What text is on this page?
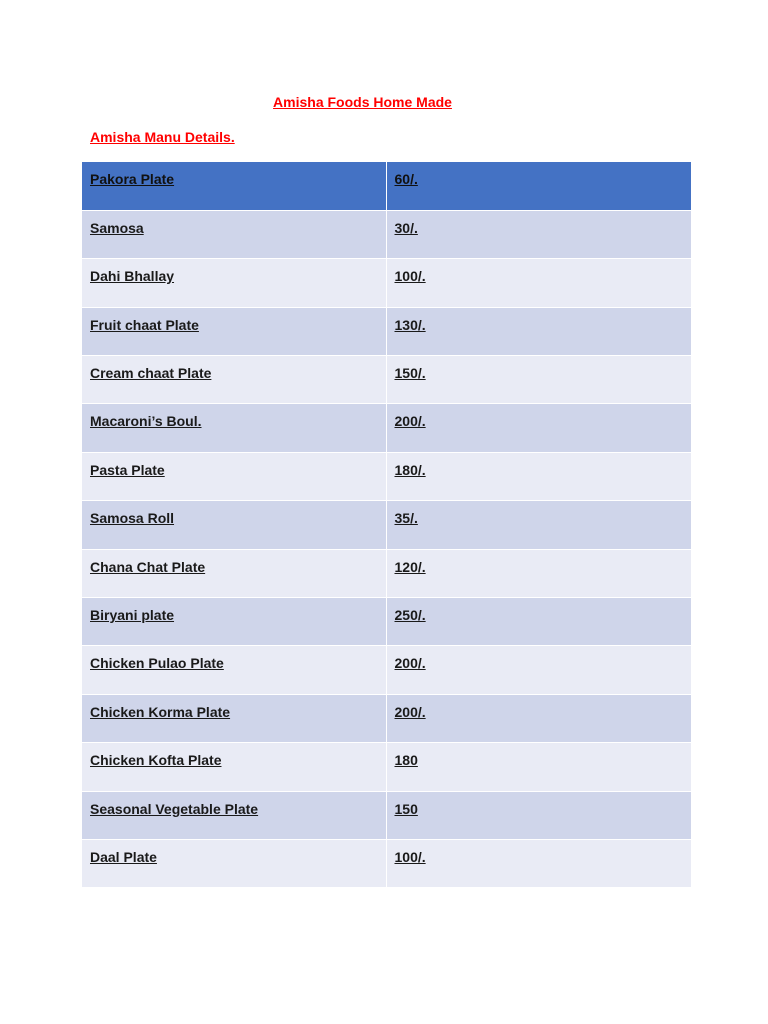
Amisha Foods Home Made
Amisha Manu Details.
Pakora Plate	60/.
Samosa	30/.
Dahi Bhallay	100/.
Fruit chaat Plate	130/.
Cream chaat Plate	150/.
Macaroni’s Boul.	200/.
Pasta Plate	180/.
Samosa Roll	35/.
Chana Chat Plate	120/.
Biryani plate	250/.
Chicken Pulao Plate	200/.
Chicken Korma Plate	200/.
Chicken Kofta Plate	180
Seasonal Vegetable Plate	150
Daal Plate	100/.
